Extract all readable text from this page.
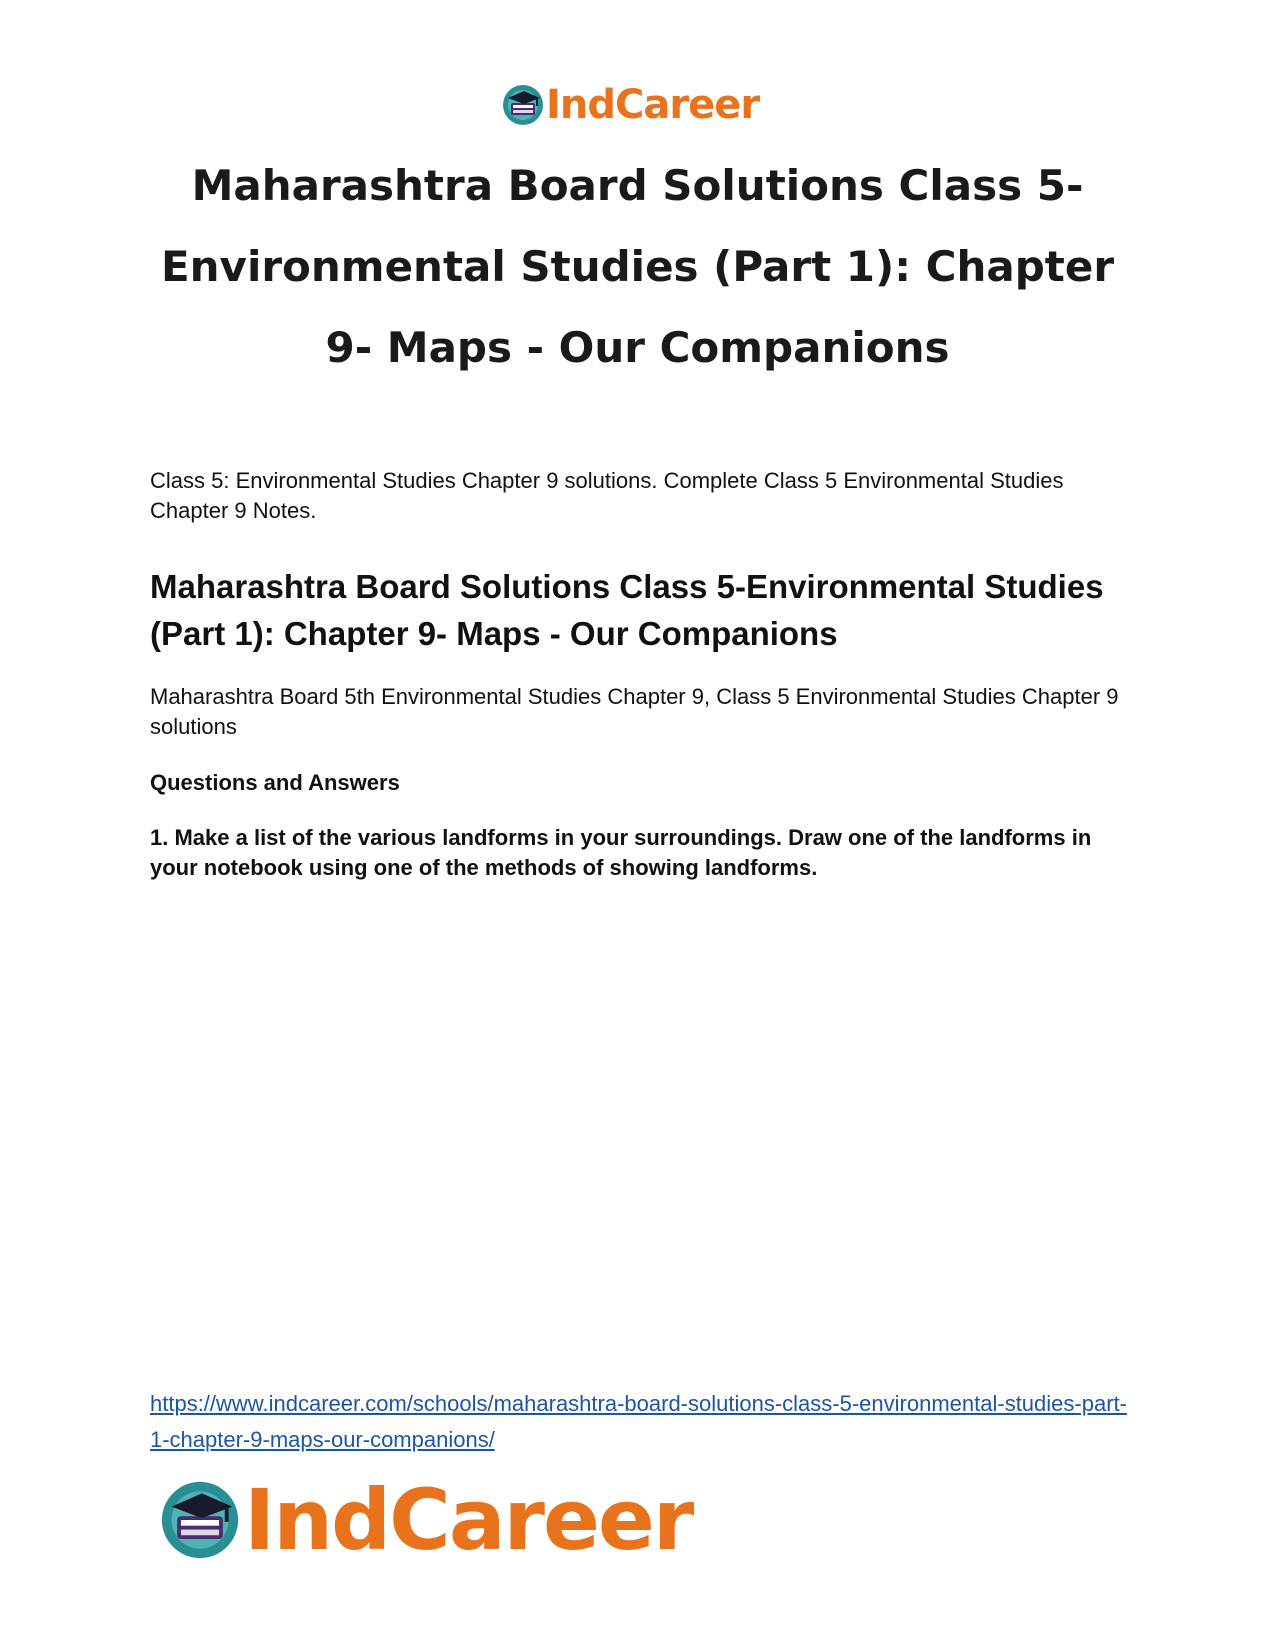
IndCareer
Maharashtra Board Solutions Class 5-Environmental Studies (Part 1): Chapter 9- Maps - Our Companions

Class 5: Environmental Studies Chapter 9 solutions. Complete Class 5 Environmental Studies Chapter 9 Notes.

Maharashtra Board Solutions Class 5-Environmental Studies (Part 1): Chapter 9- Maps - Our Companions

Maharashtra Board 5th Environmental Studies Chapter 9, Class 5 Environmental Studies Chapter 9 solutions

Questions and Answers

1. Make a list of the various landforms in your surroundings. Draw one of the landforms in your notebook using one of the methods of showing landforms.

https://www.indcareer.com/schools/maharashtra-board-solutions-class-5-environmental-studies-part-1-chapter-9-maps-our-companions/
IndCareer
